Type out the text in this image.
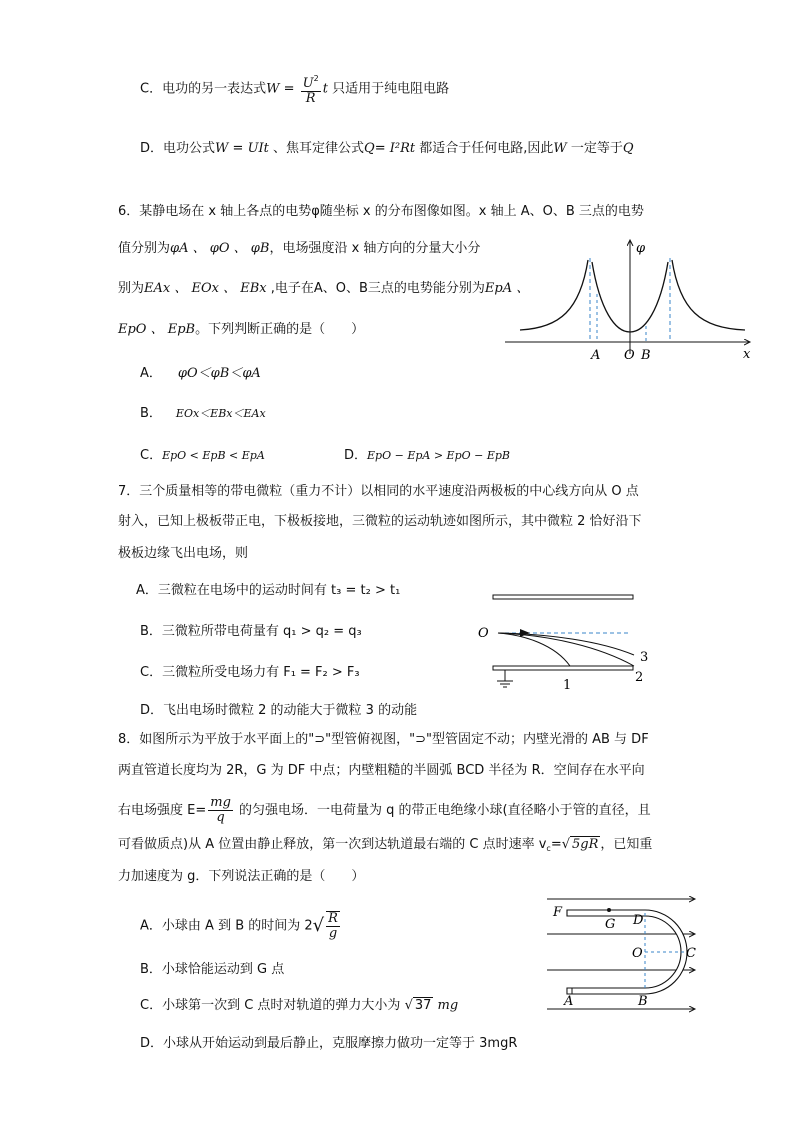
C．电功的另一表达式$W = \frac{U^2}{R}$ t 只适用于纯电阻电路
D．电功公式W = UIt 、焦耳定律公式Q= I²Rt 都适合于任何电路,因此W 一定等于Q
6．某静电场在 x 轴上各点的电势φ随坐标 x 的分布图像如图。x 轴上 A、O、B 三点的电势
值分别为φA 、 φO 、 φB，电场强度沿 x 轴方向的分量大小分
别为EAx 、 EOx 、 EBx ,电子在A、O、B三点的电势能分别为EpA 、
EpO 、 EpB。下列判断正确的是（　　）
A． φO＜φB＜φA
B． EOx＜EBx＜EAx
C．EpO < EpB < EpA	D．EpO − EpA > EpO − EpB
φ
x
A O B
7．三个质量相等的带电微粒（重力不计）以相同的水平速度沿两极板的中心线方向从 O 点
射入，已知上极板带正电，下极板接地，三微粒的运动轨迹如图所示，其中微粒 2 恰好沿下
极板边缘飞出电场，则
A．三微粒在电场中的运动时间有 t₃ = t₂ > t₁
B．三微粒所带电荷量有 q₁ > q₂ = q₃
C．三微粒所受电场力有 F₁ = F₂ > F₃
D．飞出电场时微粒 2 的动能大于微粒 3 的动能
O
1
2
3
8．如图所示为平放于水平面上的"⊃"型管俯视图，"⊃"型管固定不动；内壁光滑的 AB 与 DF
两直管道长度均为 2R，G 为 DF 中点；内壁粗糙的半圆弧 BCD 半径为 R．空间存在水平向
右电场强度 $E= \frac{mg}{q}$ 的匀强电场．一电荷量为 q 的带正电绝缘小球(直径略小于管的直径，且
可看做质点)从 A 位置由静止释放，第一次到达轨道最右端的 C 点时速率 $v_c=√$ 5gR ，已知重
力加速度为 g．下列说法正确的是（　　）
A．小球由 A 到 B 的时间为 $2√ \frac{R}{g}$
B．小球恰能运动到 G 点
C．小球第一次到 C 点时对轨道的弹力大小为 √ 37 mg
D．小球从开始运动到最后静止，克服摩擦力做功一定等于 3mgR
F
G D
O	C
A	B
